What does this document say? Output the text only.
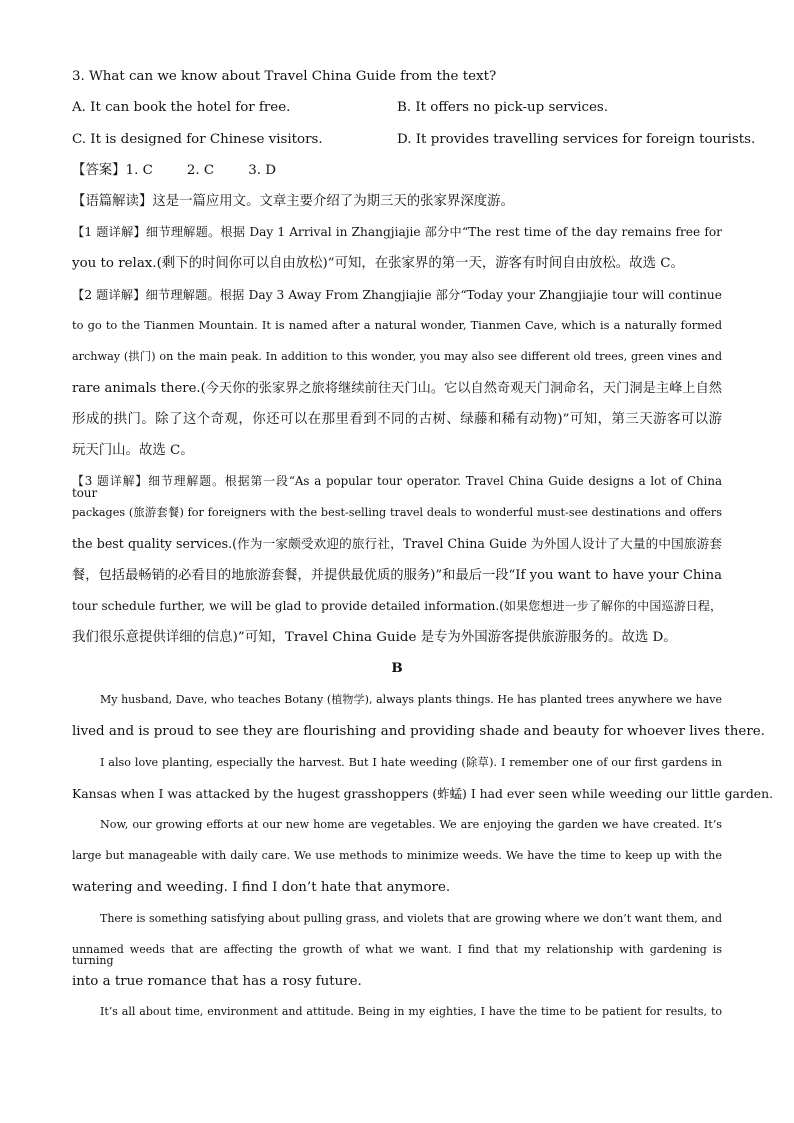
3. What can we know about Travel China Guide from the text?
A. It can book the hotel for free.	B. It offers no pick-up services.
C. It is designed for Chinese visitors.	D. It provides travelling services for foreign tourists.
【答案】1. C        2. C        3. D
【语篇解读】这是一篇应用文。文章主要介绍了为期三天的张家界深度游。
【1 题详解】细节理解题。根据 Day 1 Arrival in Zhangjiajie 部分中“The rest time of the day remains free for
you to relax.(剩下的时间你可以自由放松)”可知，在张家界的第一天，游客有时间自由放松。故选 C。
【2 题详解】细节理解题。根据 Day 3 Away From Zhangjiajie 部分“Today your Zhangjiajie tour will continue
to go to the Tianmen Mountain. It is named after a natural wonder, Tianmen Cave, which is a naturally formed
archway (拱门) on the main peak. In addition to this wonder, you may also see different old trees, green vines and
rare animals there.(今天你的张家界之旅将继续前往天门山。它以自然奇观天门洞命名，天门洞是主峰上自然
形成的拱门。除了这个奇观，你还可以在那里看到不同的古树、绿藤和稀有动物)”可知，第三天游客可以游
玩天门山。故选 C。
【3 题详解】细节理解题。根据第一段“As a popular tour operator. Travel China Guide designs a lot of China tour
packages (旅游套餐) for foreigners with the best-selling travel deals to wonderful must-see destinations and offers
the best quality services.(作为一家颇受欢迎的旅行社，Travel China Guide 为外国人设计了大量的中国旅游套
餐，包括最畅销的必看目的地旅游套餐，并提供最优质的服务)”和最后一段“If you want to have your China
tour schedule further, we will be glad to provide detailed information.(如果您想进一步了解你的中国巡游日程，
我们很乐意提供详细的信息)”可知，Travel China Guide 是专为外国游客提供旅游服务的。故选 D。
B
My husband, Dave, who teaches Botany (植物学), always plants things. He has planted trees anywhere we have
lived and is proud to see they are flourishing and providing shade and beauty for whoever lives there.
I also love planting, especially the harvest. But I hate weeding (除草). I remember one of our first gardens in
Kansas when I was attacked by the hugest grasshoppers (蚱蜢) I had ever seen while weeding our little garden.
Now, our growing efforts at our new home are vegetables. We are enjoying the garden we have created. It’s
large but manageable with daily care. We use methods to minimize weeds. We have the time to keep up with the
watering and weeding. I find I don’t hate that anymore.
There is something satisfying about pulling grass, and violets that are growing where we don’t want them, and
unnamed weeds that are affecting the growth of what we want. I find that my relationship with gardening is turning
into a true romance that has a rosy future.
It’s all about time, environment and attitude. Being in my eighties, I have the time to be patient for results, to
